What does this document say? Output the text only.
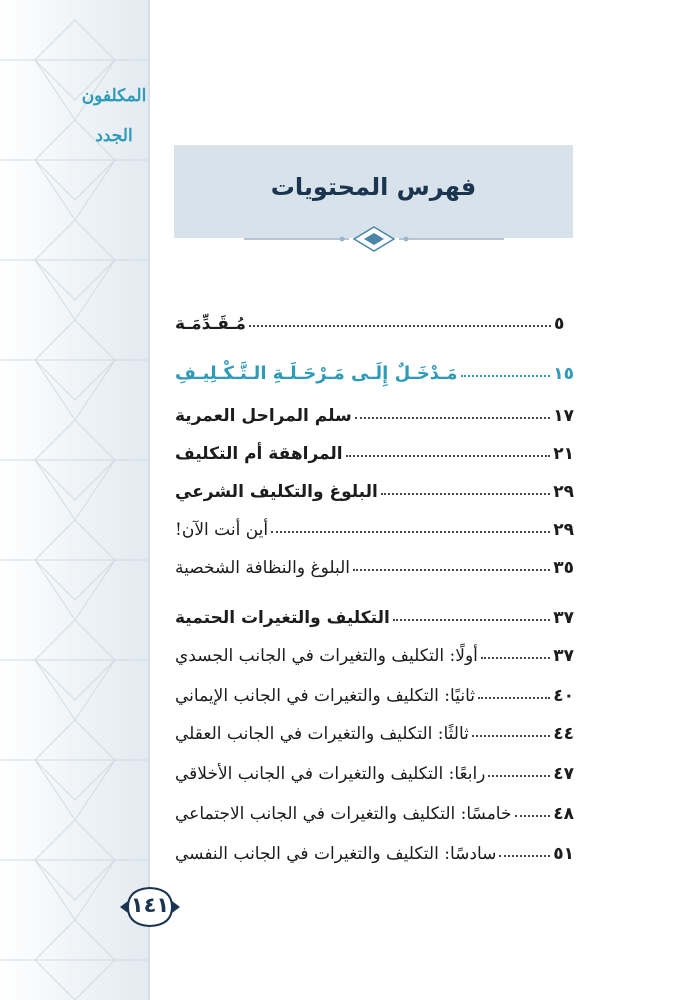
المكلفون الجدد
فهرس المحتويات
مُـقَـدِّمَـة	٥
مَـدْخَـلٌ إِلَـى مَـرْحَـلَـةِ الـتَّـكْـلِيـفِ	١٥
سلم المراحل العمرية	١٧
المراهقة أم التكليف	٢١
البلوغ والتكليف الشرعي	٢٩
أين أنت الآن!	٢٩
البلوغ والنظافة الشخصية	٣٥
التكليف والتغيرات الحتمية	٣٧
أولًا: التكليف والتغيرات في الجانب الجسدي	٣٧
ثانيًا: التكليف والتغيرات في الجانب الإيماني	٤٠
ثالثًا: التكليف والتغيرات في الجانب العقلي	٤٤
رابعًا: التكليف والتغيرات في الجانب الأخلاقي	٤٧
خامسًا: التكليف والتغيرات في الجانب الاجتماعي ٤٨
سادسًا: التكليف والتغيرات في الجانب النفسي	٥١
١٤١
